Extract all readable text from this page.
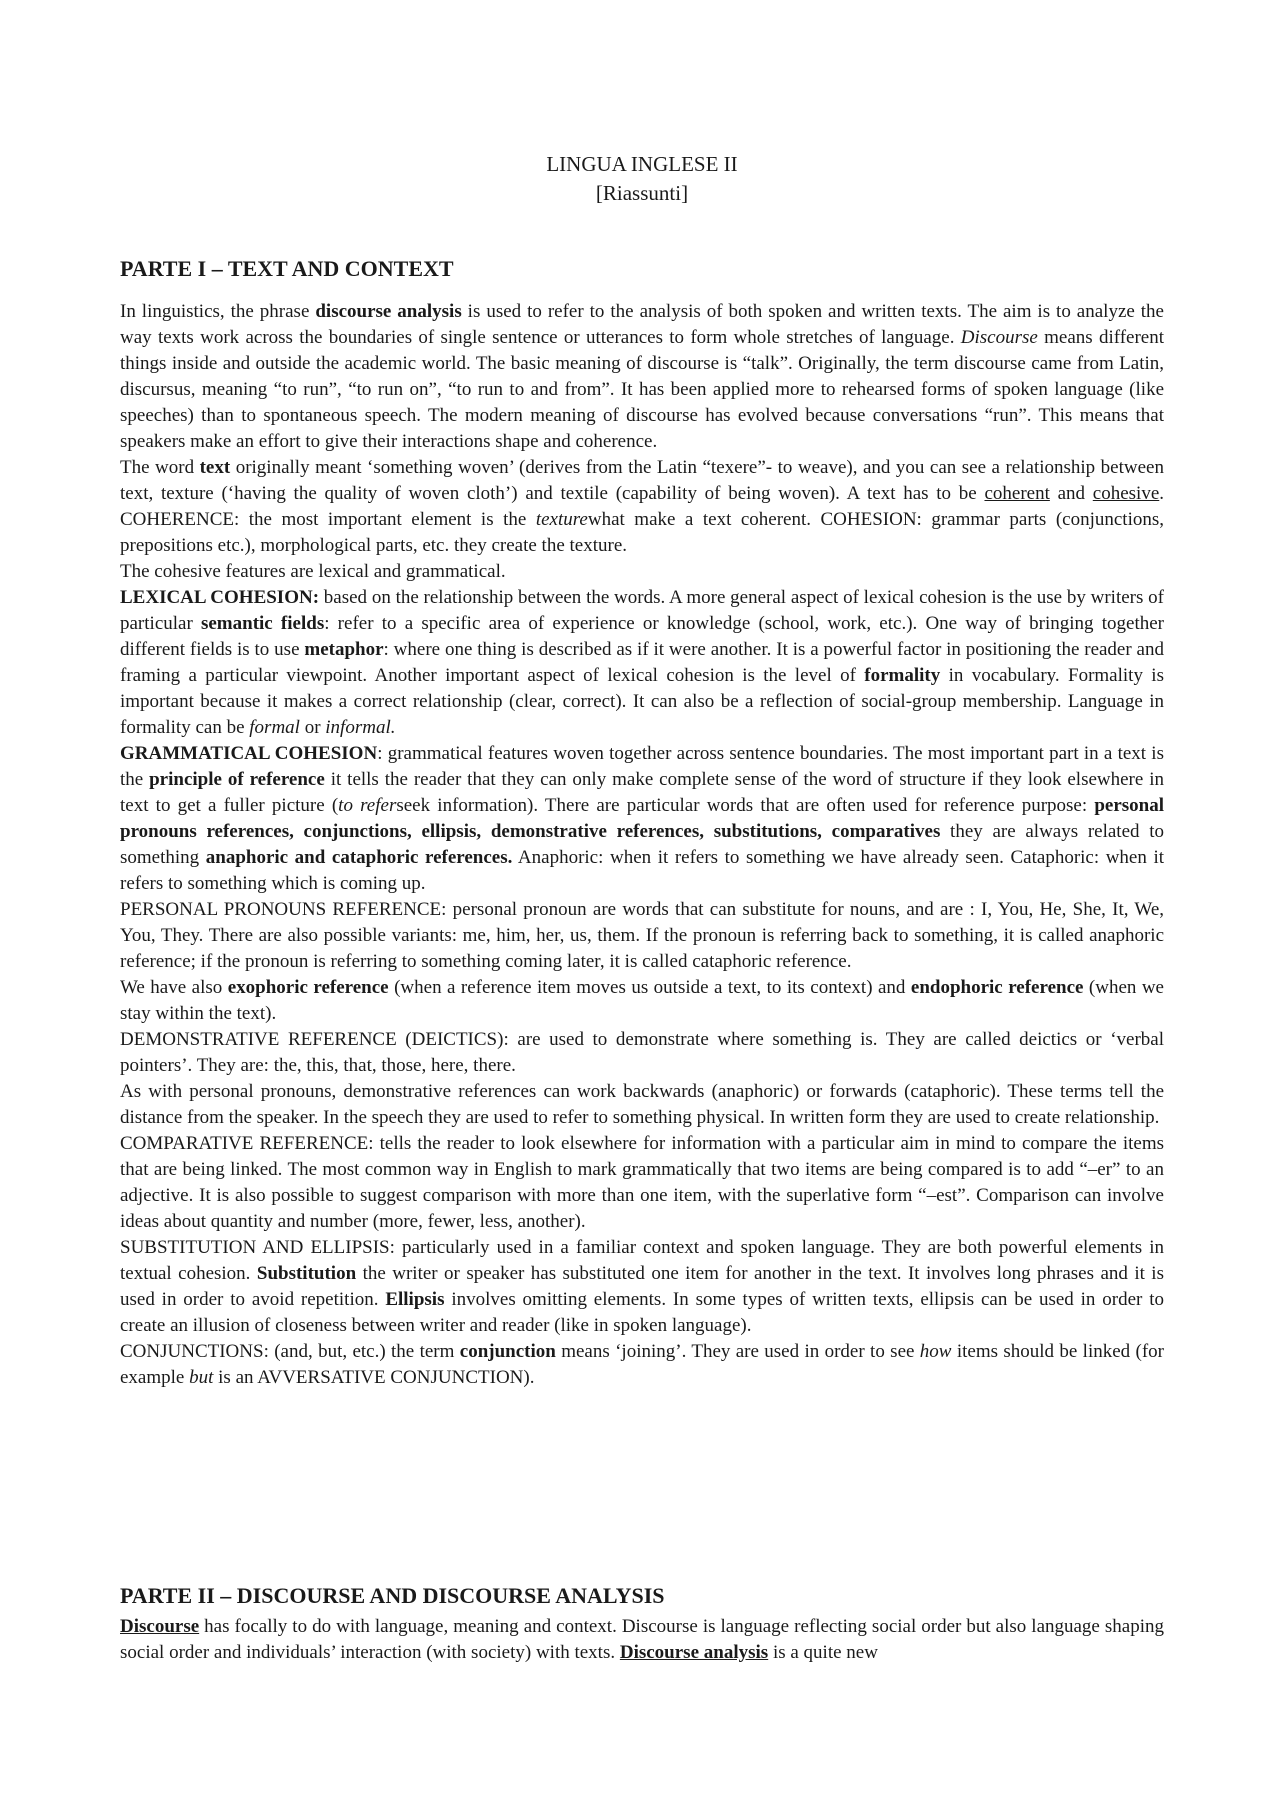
LINGUA INGLESE II
[Riassunti]
PARTE I – TEXT AND CONTEXT

In linguistics, the phrase discourse analysis is used to refer to the analysis of both spoken and written texts. The aim is to analyze the way texts work across the boundaries of single sentence or utterances to form whole stretches of language. Discourse means different things inside and outside the academic world. The basic meaning of discourse is “talk”. Originally, the term discourse came from Latin, discursus, meaning “to run”, “to run on”, “to run to and from”. It has been applied more to rehearsed forms of spoken language (like speeches) than to spontaneous speech. The modern meaning of discourse has evolved because conversations “run”. This means that speakers make an effort to give their interactions shape and coherence.

The word text originally meant ‘something woven’ (derives from the Latin “texere”- to weave), and you can see a relationship between text, texture (‘having the quality of woven cloth’) and textile (capability of being woven). A text has to be coherent and cohesive. COHERENCE: the most important element is the texturewhat make a text coherent. COHESION: grammar parts (conjunctions, prepositions etc.), morphological parts, etc. they create the texture.

The cohesive features are lexical and grammatical.

LEXICAL COHESION: based on the relationship between the words. A more general aspect of lexical cohesion is the use by writers of particular semantic fields: refer to a specific area of experience or knowledge (school, work, etc.). One way of bringing together different fields is to use metaphor: where one thing is described as if it were another. It is a powerful factor in positioning the reader and framing a particular viewpoint. Another important aspect of lexical cohesion is the level of formality in vocabulary. Formality is important because it makes a correct relationship (clear, correct). It can also be a reflection of social-group membership. Language in formality can be formal or informal.

GRAMMATICAL COHESION: grammatical features woven together across sentence boundaries. The most important part in a text is the principle of reference it tells the reader that they can only make complete sense of the word of structure if they look elsewhere in text to get a fuller picture (to referseek information). There are particular words that are often used for reference purpose: personal pronouns references, conjunctions, ellipsis, demonstrative references, substitutions, comparatives they are always related to something anaphoric and cataphoric references. Anaphoric: when it refers to something we have already seen. Cataphoric: when it refers to something which is coming up.

PERSONAL PRONOUNS REFERENCE: personal pronoun are words that can substitute for nouns, and are : I, You, He, She, It, We, You, They. There are also possible variants: me, him, her, us, them. If the pronoun is referring back to something, it is called anaphoric reference; if the pronoun is referring to something coming later, it is called cataphoric reference.

We have also exophoric reference (when a reference item moves us outside a text, to its context) and endophoric reference (when we stay within the text).

DEMONSTRATIVE REFERENCE (DEICTICS): are used to demonstrate where something is. They are called deictics or ‘verbal pointers’. They are: the, this, that, those, here, there.

As with personal pronouns, demonstrative references can work backwards (anaphoric) or forwards (cataphoric). These terms tell the distance from the speaker. In the speech they are used to refer to something physical. In written form they are used to create relationship.

COMPARATIVE REFERENCE: tells the reader to look elsewhere for information with a particular aim in mind to compare the items that are being linked. The most common way in English to mark grammatically that two items are being compared is to add “–er” to an adjective. It is also possible to suggest comparison with more than one item, with the superlative form “–est”. Comparison can involve ideas about quantity and number (more, fewer, less, another).

SUBSTITUTION AND ELLIPSIS: particularly used in a familiar context and spoken language. They are both powerful elements in textual cohesion. Substitution the writer or speaker has substituted one item for another in the text. It involves long phrases and it is used in order to avoid repetition. Ellipsis involves omitting elements. In some types of written texts, ellipsis can be used in order to create an illusion of closeness between writer and reader (like in spoken language).

CONJUNCTIONS: (and, but, etc.) the term conjunction means ‘joining’. They are used in order to see how items should be linked (for example but is an AVVERSATIVE CONJUNCTION).

PARTE II – DISCOURSE AND DISCOURSE ANALYSIS

Discourse has focally to do with language, meaning and context. Discourse is language reflecting social order but also language shaping social order and individuals’ interaction (with society) with texts. Discourse analysis is a quite new
